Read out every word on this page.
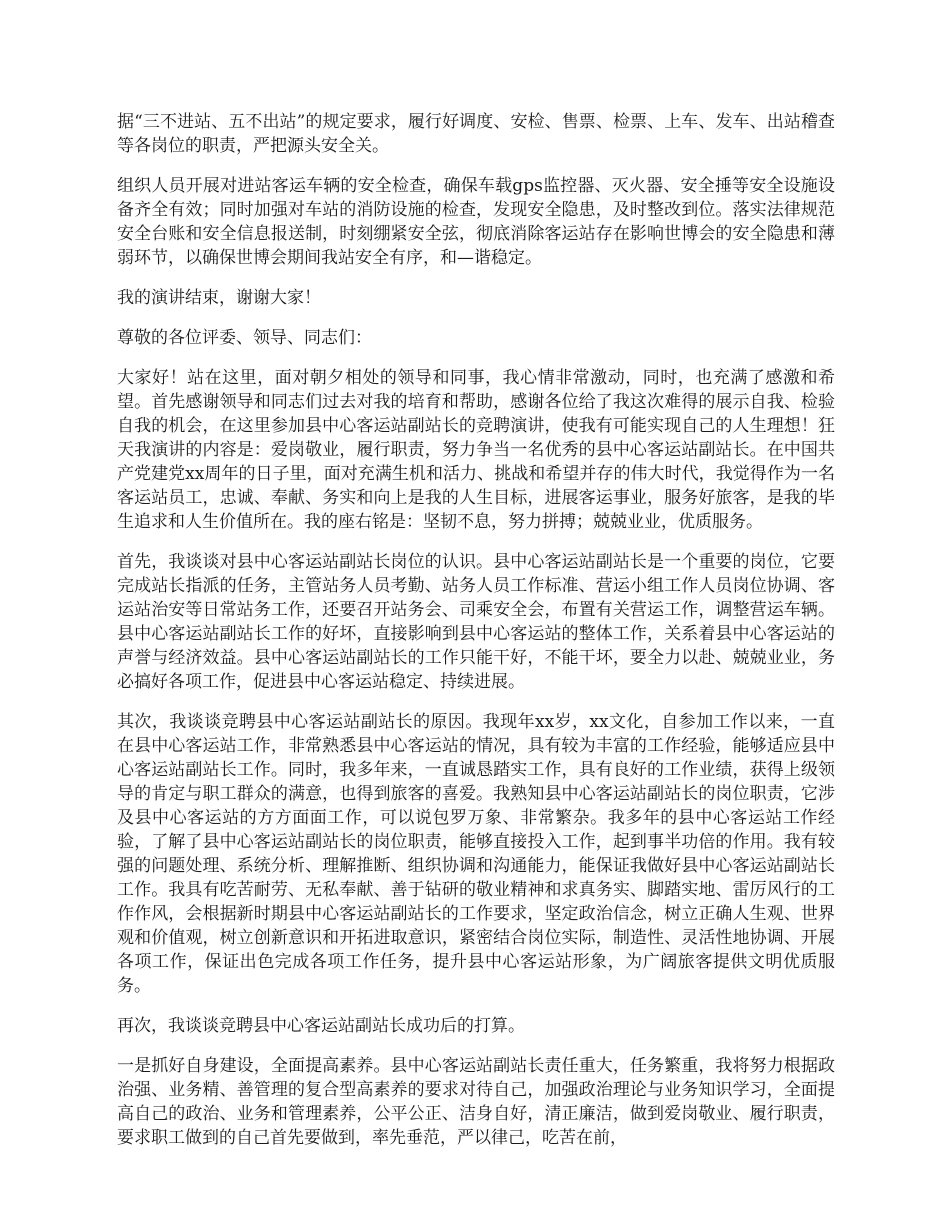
据“三不进站、五不出站”的规定要求，履行好调度、安检、售票、检票、上车、发车、出站稽查等各岗位的职责，严把源头安全关。

组织人员开展对进站客运车辆的安全检查，确保车载gps监控器、灭火器、安全捶等安全设施设备齐全有效；同时加强对车站的消防设施的检查，发现安全隐患，及时整改到位。落实法律规范安全台账和安全信息报送制，时刻绷紧安全弦，彻底消除客运站存在影响世博会的安全隐患和薄弱环节，以确保世博会期间我站安全有序，和—谐稳定。

我的演讲结束，谢谢大家！

尊敬的各位评委、领导、同志们：

大家好！站在这里，面对朝夕相处的领导和同事，我心情非常激动，同时，也充满了感激和希望。首先感谢领导和同志们过去对我的培育和帮助，感谢各位给了我这次难得的展示自我、检验自我的机会，在这里参加县中心客运站副站长的竞聘演讲，使我有可能实现自己的人生理想！狂天我演讲的内容是：爱岗敬业，履行职责，努力争当一名优秀的县中心客运站副站长。在中国共产党建党xx周年的日子里，面对充满生机和活力、挑战和希望并存的伟大时代，我觉得作为一名客运站员工，忠诚、奉献、务实和向上是我的人生目标，进展客运事业，服务好旅客，是我的毕生追求和人生价值所在。我的座右铭是：坚韧不息，努力拼搏；兢兢业业，优质服务。

首先，我谈谈对县中心客运站副站长岗位的认识。县中心客运站副站长是一个重要的岗位，它要完成站长指派的任务，主管站务人员考勤、站务人员工作标准、营运小组工作人员岗位协调、客运站治安等日常站务工作，还要召开站务会、司乘安全会，布置有关营运工作，调整营运车辆。县中心客运站副站长工作的好坏，直接影响到县中心客运站的整体工作，关系着县中心客运站的声誉与经济效益。县中心客运站副站长的工作只能干好，不能干坏，要全力以赴、兢兢业业，务必搞好各项工作，促进县中心客运站稳定、持续进展。

其次，我谈谈竞聘县中心客运站副站长的原因。我现年xx岁，xx文化，自参加工作以来，一直在县中心客运站工作，非常熟悉县中心客运站的情况，具有较为丰富的工作经验，能够适应县中心客运站副站长工作。同时，我多年来，一直诚恳踏实工作，具有良好的工作业绩，获得上级领导的肯定与职工群众的满意，也得到旅客的喜爱。我熟知县中心客运站副站长的岗位职责，它涉及县中心客运站的方方面面工作，可以说包罗万象、非常繁杂。我多年的县中心客运站工作经验，了解了县中心客运站副站长的岗位职责，能够直接投入工作，起到事半功倍的作用。我有较强的问题处理、系统分析、理解推断、组织协调和沟通能力，能保证我做好县中心客运站副站长工作。我具有吃苦耐劳、无私奉献、善于钻研的敬业精神和求真务实、脚踏实地、雷厉风行的工作作风，会根据新时期县中心客运站副站长的工作要求，坚定政治信念，树立正确人生观、世界观和价值观，树立创新意识和开拓进取意识，紧密结合岗位实际，制造性、灵活性地协调、开展各项工作，保证出色完成各项工作任务，提升县中心客运站形象，为广阔旅客提供文明优质服务。

再次，我谈谈竞聘县中心客运站副站长成功后的打算。

一是抓好自身建设，全面提高素养。县中心客运站副站长责任重大，任务繁重，我将努力根据政治强、业务精、善管理的复合型高素养的要求对待自己，加强政治理论与业务知识学习，全面提高自己的政治、业务和管理素养，公平公正、洁身自好，清正廉洁，做到爱岗敬业、履行职责，要求职工做到的自己首先要做到，率先垂范，严以律己，吃苦在前，
